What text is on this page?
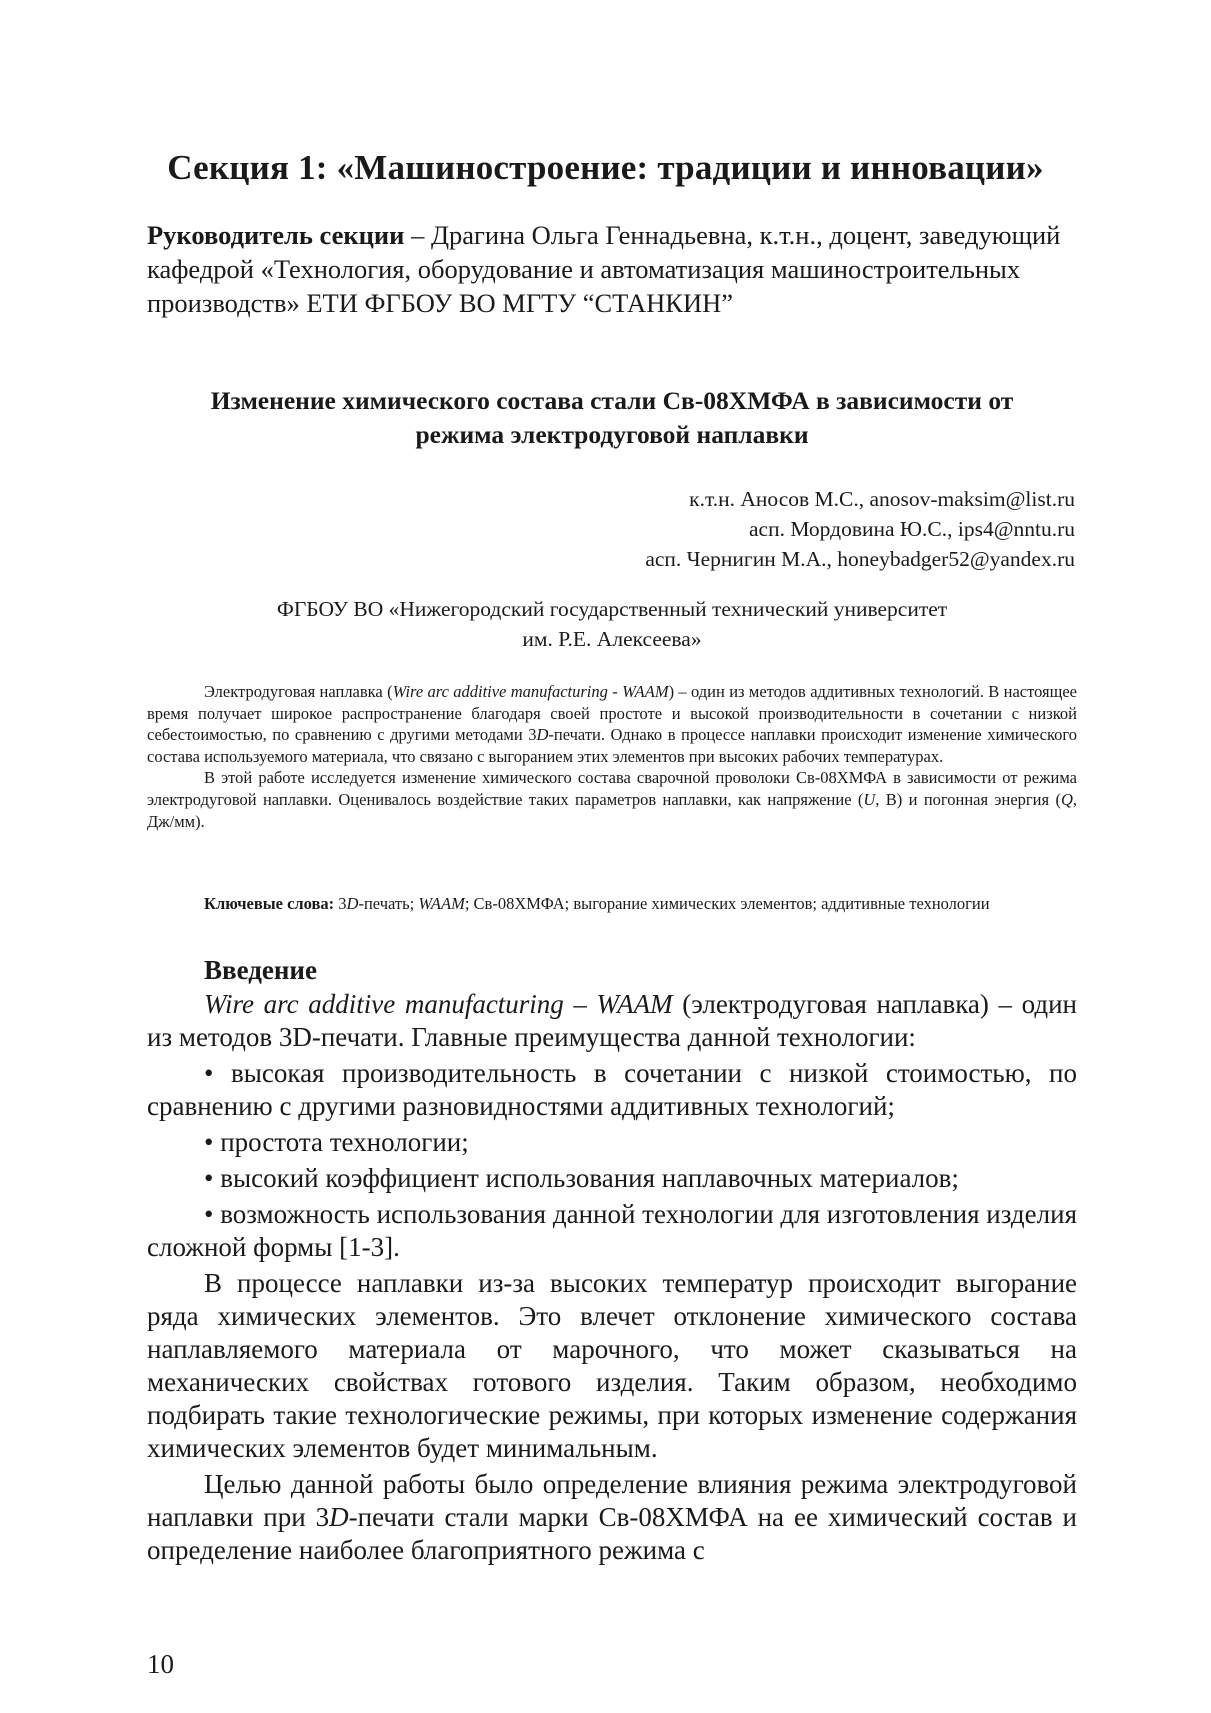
Секция 1: «Машиностроение: традиции и инновации»
Руководитель секции – Драгина Ольга Геннадьевна, к.т.н., доцент, заведующий кафедрой «Технология, оборудование и автоматизация машиностроительных производств» ЕТИ ФГБОУ ВО МГТУ “СТАНКИН”
Изменение химического состава стали Св-08ХМФА в зависимости от
режима электродуговой наплавки
к.т.н. Аносов М.С., anosov-maksim@list.ru
асп. Мордовина Ю.С., ips4@nntu.ru
асп. Чернигин М.А., honeybadger52@yandex.ru
ФГБОУ ВО «Нижегородский государственный технический университет
им. Р.Е. Алексеева»

Электродуговая наплавка (Wire arc additive manufacturing - WAAM) – один из методов аддитивных технологий. В настоящее время получает широкое распространение благодаря своей простоте и высокой производительности в сочетании с низкой себестоимостью, по сравнению с другими методами 3D-печати. Однако в процессе наплавки происходит изменение химического состава используемого материала, что связано с выгоранием этих элементов при высоких рабочих температурах.

В этой работе исследуется изменение химического состава сварочной проволоки Св-08ХМФА в зависимости от режима электродуговой наплавки. Оценивалось воздействие таких параметров наплавки, как напряжение (U, В) и погонная энергия (Q, Дж/мм).

Ключевые слова: 3D-печать; WAAM; Св-08ХМФА; выгорание химических элементов; аддитивные технологии

Введение

Wire arc additive manufacturing – WAAM (электродуговая наплавка) – один из методов 3D-печати. Главные преимущества данной технологии:

• высокая производительность в сочетании с низкой стоимостью, по сравнению с другими разновидностями аддитивных технологий;

• простота технологии;

• высокий коэффициент использования наплавочных материалов;

• возможность использования данной технологии для изготовления изделия сложной формы [1-3].

В процессе наплавки из-за высоких температур происходит выгорание ряда химических элементов. Это влечет отклонение химического состава наплавляемого материала от марочного, что может сказываться на механических свойствах готового изделия. Таким образом, необходимо подбирать такие технологические режимы, при которых изменение содержания химических элементов будет минимальным.

Целью данной работы было определение влияния режима электродуговой наплавки при 3D-печати стали марки Св-08ХМФА на ее химический состав и определение наиболее благоприятного режима с

10
